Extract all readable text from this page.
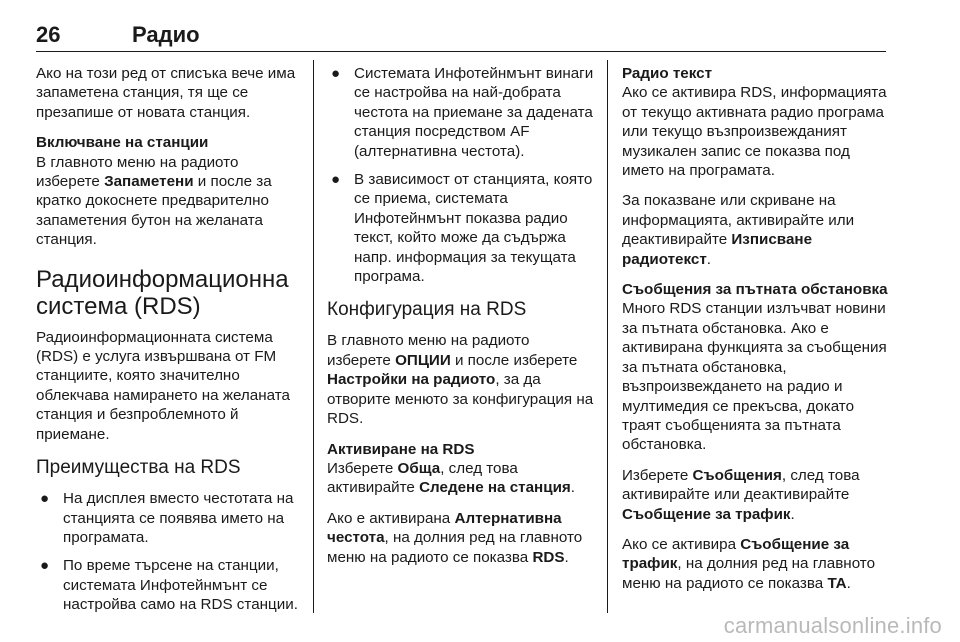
26	Радио

Ако на този ред от списъка вече има запаметена станция, тя ще се презапише от новата станция.

Включване на станции

В главното меню на радиото изберете Запаметени и после за кратко докоснете предварително запаметения бутон на желаната станция.

Радиоинформационна система (RDS)

Радиоинформационната система (RDS) е услуга извършвана от FM станциите, която значително облекчава намирането на желаната станция и безпроблемното й приемане.

Преимущества на RDS
● На дисплея вместо честотата на станцията се появява името на програмата.
● По време търсене на станции, системата Инфотейнмънт се настройва само на RDS станции.
● Системата Инфотейнмънт винаги се настройва на най-добрата честота на приемане за дадената станция посредством AF (алтернативна честота).
● В зависимост от станцията, която се приема, системата Инфотейнмънт показва радио текст, който може да съдържа напр. информация за текущата програма.
Конфигурация на RDS

В главното меню на радиото изберете ОПЦИИ и после изберете Настройки на радиото, за да отворите менюто за конфигурация на RDS.

Активиране на RDS

Изберете Обща, след това активирайте Следене на станция.

Ако е активирана Алтернативна честота, на долния ред на главното меню на радиото се показва RDS.

Радио текст

Ако се активира RDS, информацията от текущо активната радио програма или текущо възпроизвежданият музикален запис се показва под името на програмата.

За показване или скриване на информацията, активирайте или деактивирайте Изписване радиотекст.

Съобщения за пътната обстановка

Много RDS станции излъчват новини за пътната обстановка. Ако е активирана функцията за съобщения за пътната обстановка, възпроизвеждането на радио и мултимедия се прекъсва, докато траят съобщенията за пътната обстановка.

Изберете Съобщения, след това активирайте или деактивирайте Съобщение за трафик.

Ако се активира Съобщение за трафик, на долния ред на главното меню на радиото се показва TA.

carmanualsonline.info
